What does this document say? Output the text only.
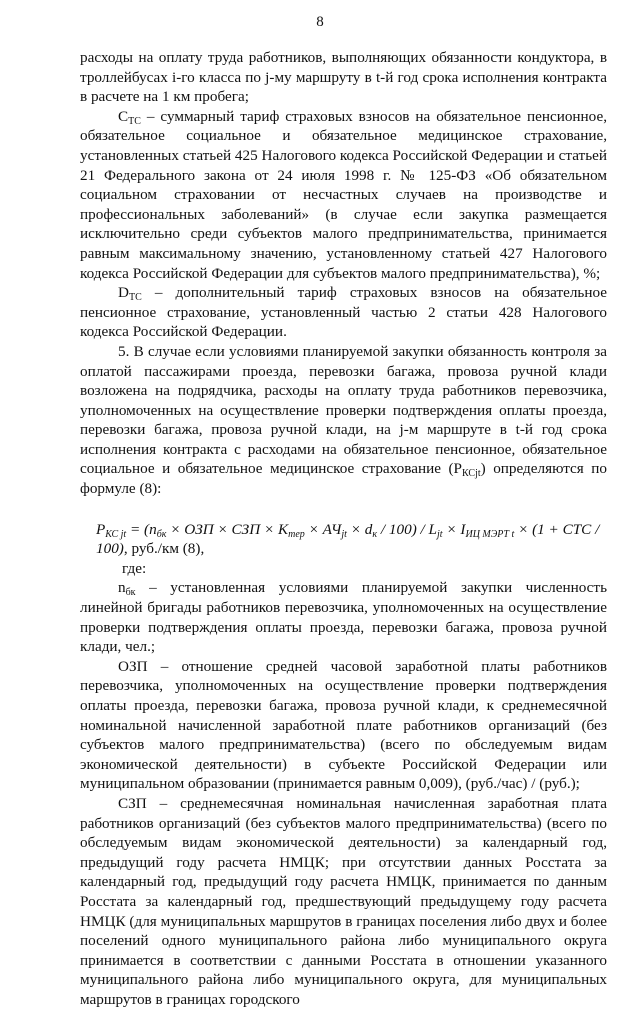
8

расходы на оплату труда работников, выполняющих обязанности кондуктора, в троллейбусах i-го класса по j-му маршруту в t-й год срока исполнения контракта в расчете на 1 км пробега;

$С_{ТС}$ – суммарный тариф страховых взносов на обязательное пенсионное, обязательное социальное и обязательное медицинское страхование, установленных статьей 425 Налогового кодекса Российской Федерации и статьей 21 Федерального закона от 24 июля 1998 г. № 125-ФЗ «Об обязательном социальном страховании от несчастных случаев на производстве и профессиональных заболеваний» (в случае если закупка размещается исключительно среди субъектов малого предпринимательства, принимается равным максимальному значению, установленному статьей 427 Налогового кодекса Российской Федерации для субъектов малого предпринимательства), %;

$D_{ТС}$ – дополнительный тариф страховых взносов на обязательное пенсионное страхование, установленный частью 2 статьи 428 Налогового кодекса Российской Федерации.

5. В случае если условиями планируемой закупки обязанность контроля за оплатой пассажирами проезда, перевозки багажа, провоза ручной клади возложена на подрядчика, расходы на оплату труда работников перевозчика, уполномоченных на осуществление проверки подтверждения оплаты проезда, перевозки багажа, провоза ручной клади, на j-м маршруте в t-й год срока исполнения контракта с расходами на обязательное пенсионное, обязательное социальное и обязательное медицинское страхование $(Р_{КСjt})$ определяются по формуле (8):

$Р_{КС jt} = (n_{бк}$ × ОЗП × СЗП × $К_{тер} \times АЧ_{jt} \times d_к / 100) / L_{jt} \times I_{ИЦ МЭРТ t} \times (1$ + СТС / 100), руб./км (8),

где:

$n_{бк}$ – установленная условиями планируемой закупки численность линейной бригады работников перевозчика, уполномоченных на осуществление проверки подтверждения оплаты проезда, перевозки багажа, провоза ручной клади, чел.;

ОЗП – отношение средней часовой заработной платы работников перевозчика, уполномоченных на осуществление проверки подтверждения оплаты проезда, перевозки багажа, провоза ручной клади, к среднемесячной номинальной начисленной заработной плате работников организаций (без субъектов малого предпринимательства) (всего по обследуемым видам экономической деятельности) в субъекте Российской Федерации или муниципальном образовании (принимается равным 0,009), (руб./час) / (руб.);

СЗП – среднемесячная номинальная начисленная заработная плата работников организаций (без субъектов малого предпринимательства) (всего по обследуемым видам экономической деятельности) за календарный год, предыдущий году расчета НМЦК; при отсутствии данных Росстата за календарный год, предыдущий году расчета НМЦК, принимается по данным Росстата за календарный год, предшествующий предыдущему году расчета НМЦК (для муниципальных маршрутов в границах поселения либо двух и более поселений одного муниципального района либо муниципального округа принимается в соответствии с данными Росстата в отношении указанного муниципального района либо муниципального округа, для муниципальных маршрутов в границах городского
